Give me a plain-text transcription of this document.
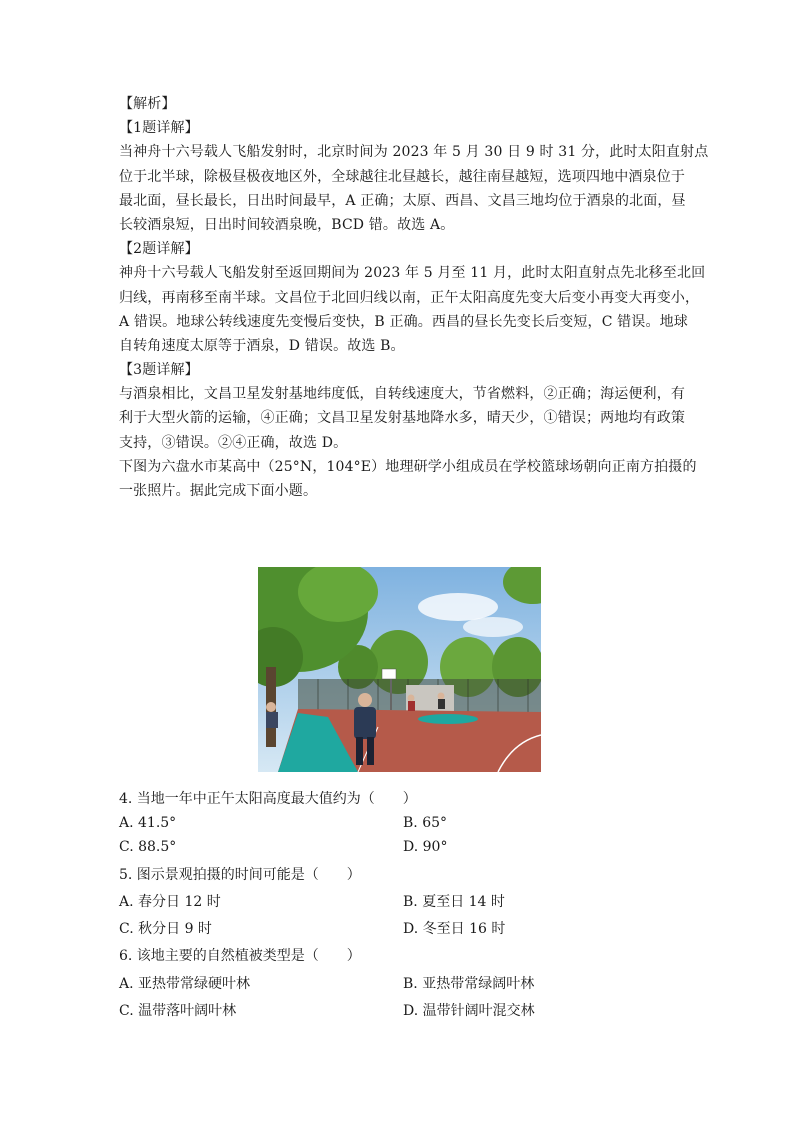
【解析】
【1题详解】
当神舟十六号载人飞船发射时，北京时间为 2023 年 5 月 30 日 9 时 31 分，此时太阳直射点
位于北半球，除极昼极夜地区外，全球越往北昼越长，越往南昼越短，选项四地中酒泉位于
最北面，昼长最长，日出时间最早，A 正确；太原、西昌、文昌三地均位于酒泉的北面，昼
长较酒泉短，日出时间较酒泉晚，BCD 错。故选 A。
【2题详解】
神舟十六号载人飞船发射至返回期间为 2023 年 5 月至 11 月，此时太阳直射点先北移至北回
归线，再南移至南半球。文昌位于北回归线以南，正午太阳高度先变大后变小再变大再变小，
A 错误。地球公转线速度先变慢后变快，B 正确。西昌的昼长先变长后变短，C 错误。地球
自转角速度太原等于酒泉，D 错误。故选 B。
【3题详解】
与酒泉相比，文昌卫星发射基地纬度低，自转线速度大，节省燃料，②正确；海运便利，有
利于大型火箭的运输，④正确；文昌卫星发射基地降水多，晴天少，①错误；两地均有政策
支持，③错误。②④正确，故选 D。
下图为六盘水市某高中（25°N，104°E）地理研学小组成员在学校篮球场朝向正南方拍摄的
一张照片。据此完成下面小题。
4. 当地一年中正午太阳高度最大值约为（　　）
A. 41.5°	B. 65°
C. 88.5°	D. 90°
5. 图示景观拍摄的时间可能是（　　）
A. 春分日 12 时	B. 夏至日 14 时
C. 秋分日 9 时	D. 冬至日 16 时
6. 该地主要的自然植被类型是（　　）
A. 亚热带常绿硬叶林	B. 亚热带常绿阔叶林
C. 温带落叶阔叶林	D. 温带针阔叶混交林
